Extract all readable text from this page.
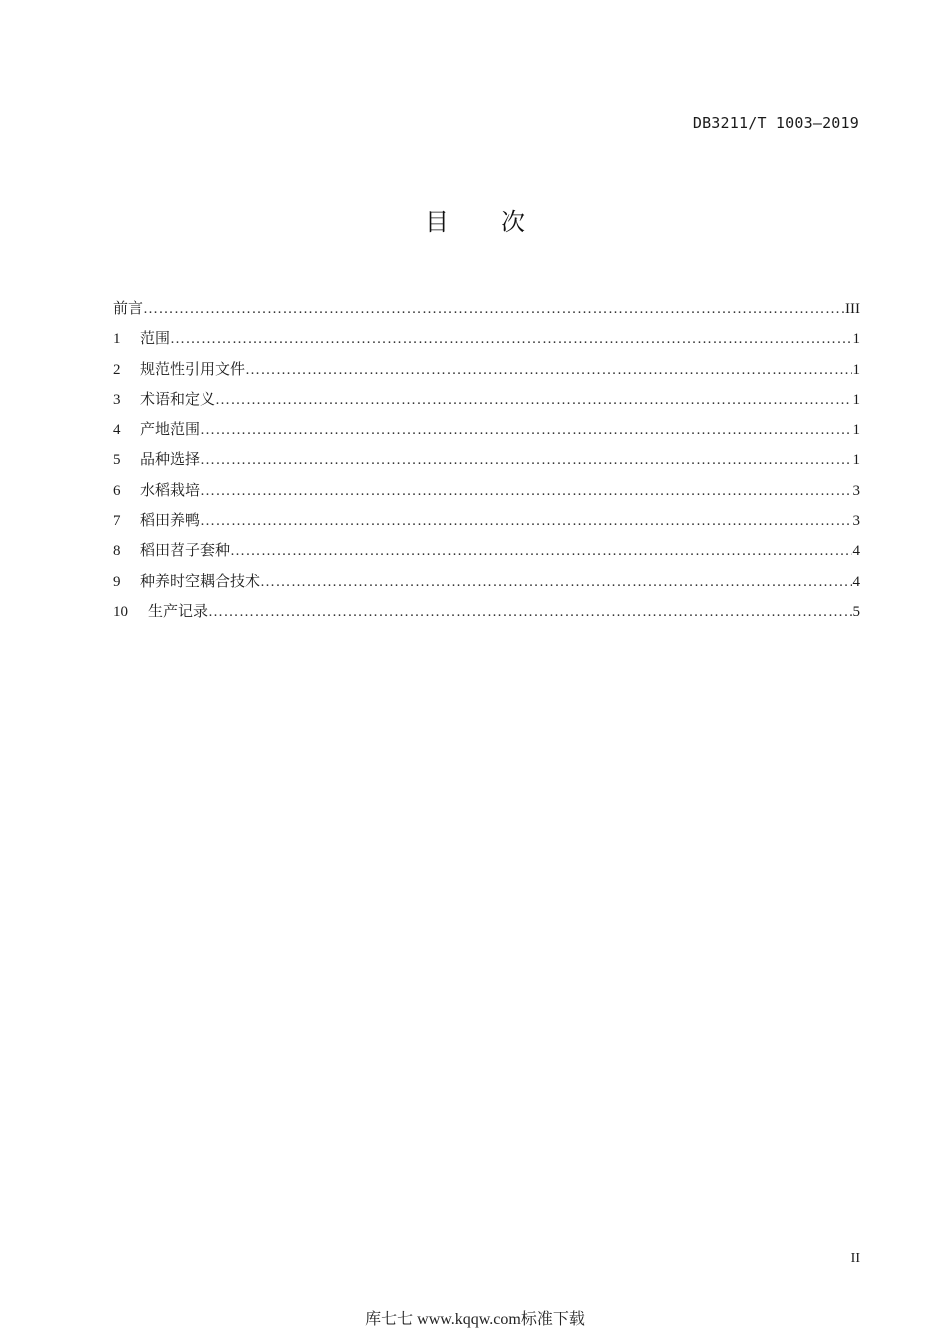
DB3211/T 1003—2019
目 次
前言 ………………………………………………………………………………………………………………………………………………………………………………………………………………………	III
1	范围 ………………………………………………………………………………………………………………………………………………………………………………………………………………………	1
2	规范性引用文件 ………………………………………………………………………………………………………………………………………………………………………………………………………………………	1
3	术语和定义 ………………………………………………………………………………………………………………………………………………………………………………………………………………………	1
4	产地范围 ………………………………………………………………………………………………………………………………………………………………………………………………………………………	1
5	品种选择 ………………………………………………………………………………………………………………………………………………………………………………………………………………………	1
6	水稻栽培 ………………………………………………………………………………………………………………………………………………………………………………………………………………………	3
7	稻田养鸭 ………………………………………………………………………………………………………………………………………………………………………………………………………………………	3
8	稻田苕子套种 ………………………………………………………………………………………………………………………………………………………………………………………………………………………	4
9	种养时空耦合技术 ………………………………………………………………………………………………………………………………………………………………………………………………………………………	4
10	生产记录 ………………………………………………………………………………………………………………………………………………………………………………………………………………………	5
II
库七七 www.kqqw.com标准下载
